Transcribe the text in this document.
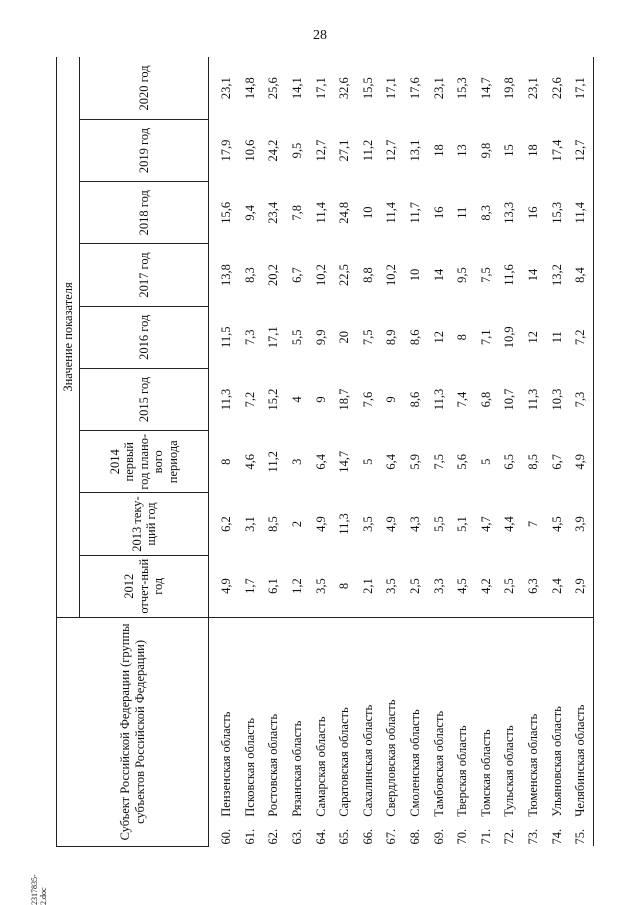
28
2317835-2.doc
Субъект Российской Федерации (группы субъектов Российской Федерации)		Значение показателя								
		2012 отчет-ный год	2013 теку-щий год	2014 первый год плано-вого периода	2015 год	2016 год	2017 год	2018 год	2019 год	2020 год
60.	Пензенская область	4,9	6,2	8	11,3	11,5	13,8	15,6	17,9	23,1
61.	Псковская область	1,7	3,1	4,6	7,2	7,3	8,3	9,4	10,6	14,8
62.	Ростовская область	6,1	8,5	11,2	15,2	17,1	20,2	23,4	24,2	25,6
63.	Рязанская область	1,2	2	3	4	5,5	6,7	7,8	9,5	14,1
64.	Самарская область	3,5	4,9	6,4	9	9,9	10,2	11,4	12,7	17,1
65.	Саратовская область	8	11,3	14,7	18,7	20	22,5	24,8	27,1	32,6
66.	Сахалинская область	2,1	3,5	5	7,6	7,5	8,8	10	11,2	15,5
67.	Свердловская область	3,5	4,9	6,4	9	8,9	10,2	11,4	12,7	17,1
68.	Смоленская область	2,5	4,3	5,9	8,6	8,6	10	11,7	13,1	17,6
69.	Тамбовская область	3,3	5,5	7,5	11,3	12	14	16	18	23,1
70.	Тверская область	4,5	5,1	5,6	7,4	8	9,5	11	13	15,3
71.	Томская область	4,2	4,7	5	6,8	7,1	7,5	8,3	9,8	14,7
72.	Тульская область	2,5	4,4	6,5	10,7	10,9	11,6	13,3	15	19,8
73.	Тюменская область	6,3	7	8,5	11,3	12	14	16	18	23,1
74.	Ульяновская область	2,4	4,5	6,7	10,3	11	13,2	15,3	17,4	22,6
75.	Челябинская область	2,9	3,9	4,9	7,3	7,2	8,4	11,4	12,7	17,1
